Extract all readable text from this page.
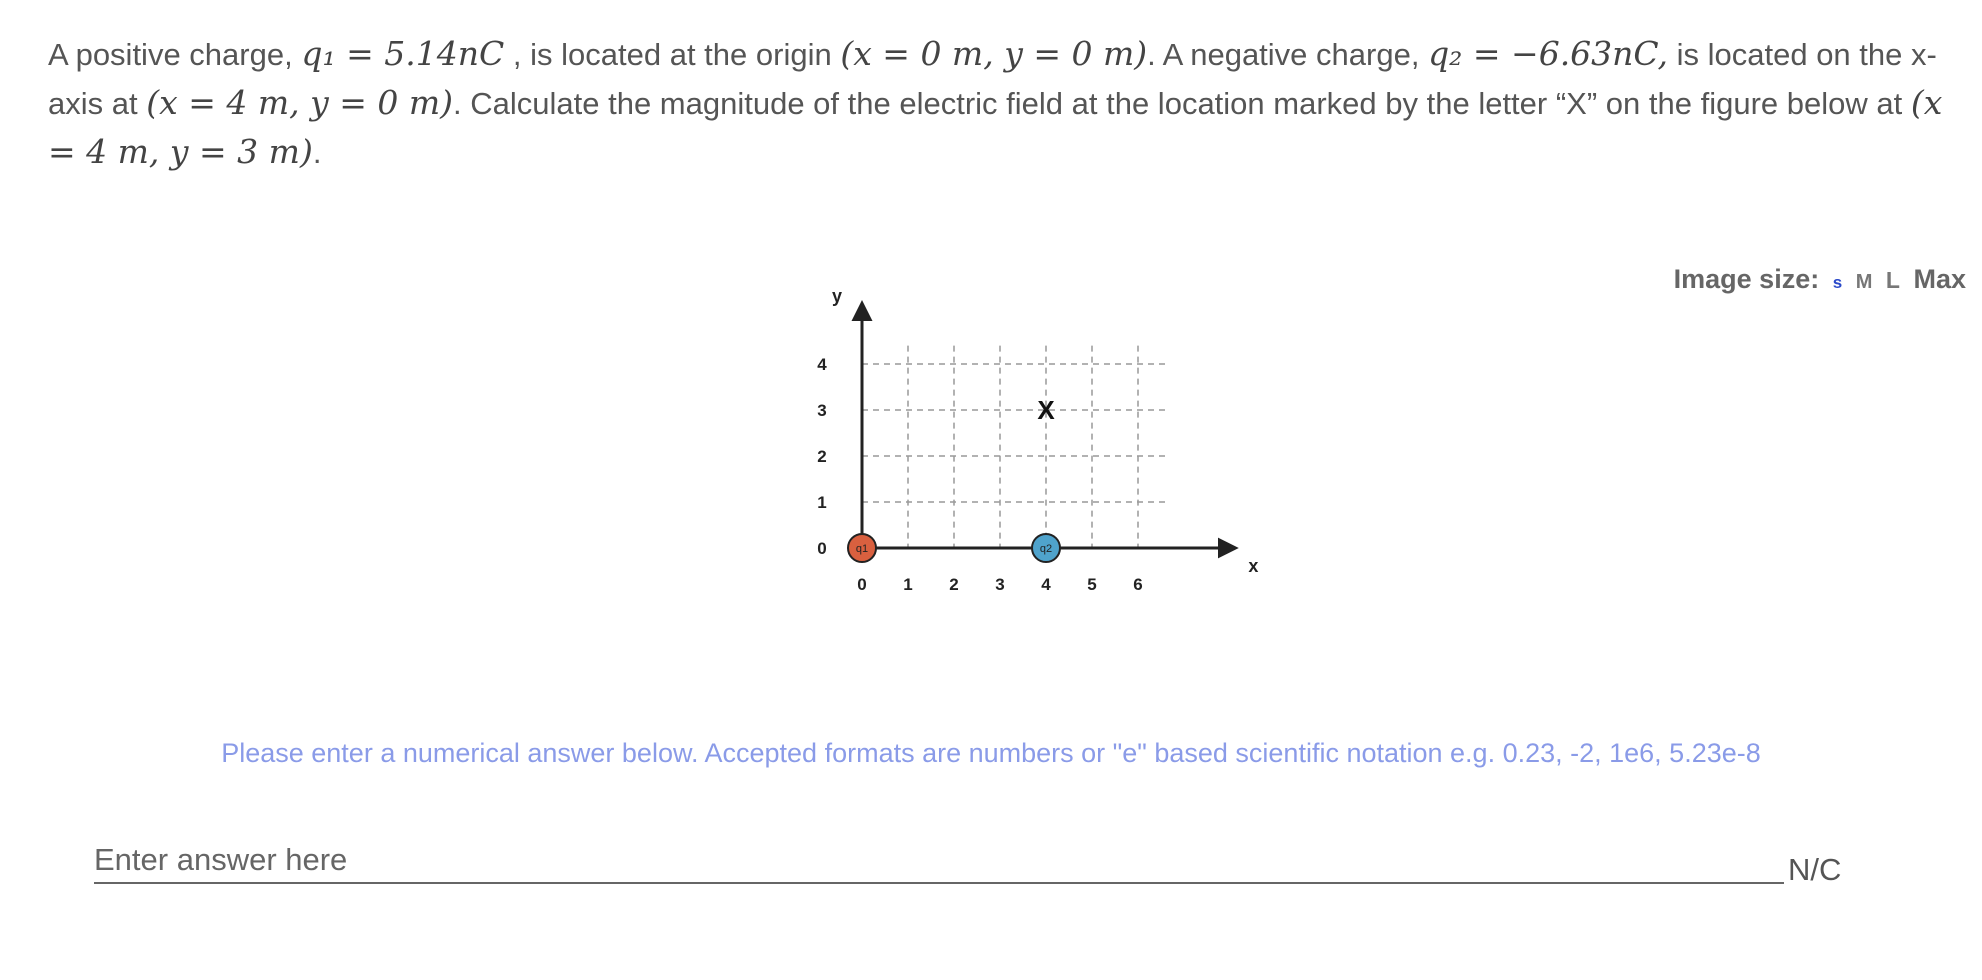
A positive charge, q₁ = 5.14nC , is located at the origin (x = 0 m, y = 0 m). A negative charge, q₂ = −6.63nC, is located on the x-axis at (x = 4 m, y = 0 m). Calculate the magnitude of the electric field at the location marked by the letter “X” on the figure below at (x = 4 m, y = 3 m).
Image size: s M L Max
x
y
0 1 2 3 4 5 6
0
1
2
3
4
X
q1	q2
Please enter a numerical answer below. Accepted formats are numbers or "e" based scientific notation e.g. 0.23, -2, 1e6, 5.23e-8
Enter answer here
N/C
